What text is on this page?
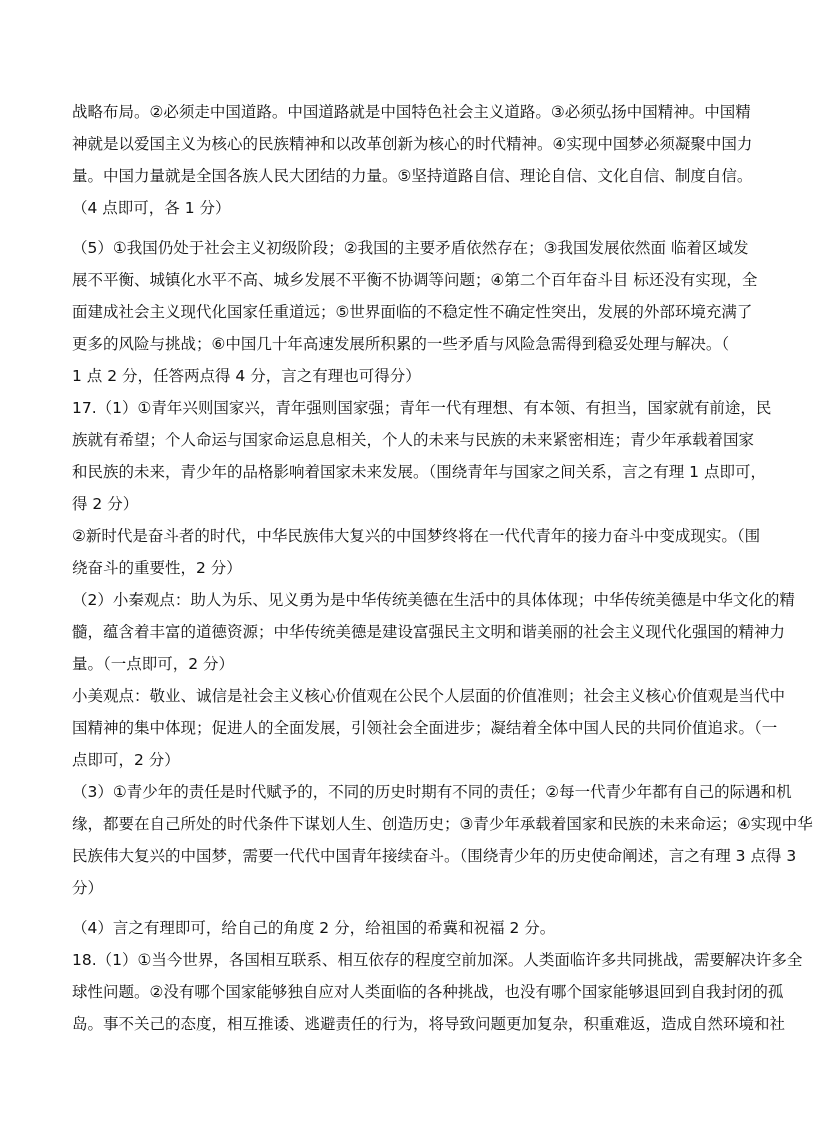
战略布局。②必须走中国道路。中国道路就是中国特色社会主义道路。③必须弘扬中国精神。中国精
神就是以爱国主义为核心的民族精神和以改革创新为核心的时代精神。④实现中国梦必须凝聚中国力
量。中国力量就是全国各族人民大团结的力量。⑤坚持道路自信、理论自信、文化自信、制度自信。
（4 点即可，各 1 分）

（5）①我国仍处于社会主义初级阶段；②我国的主要矛盾依然存在；③我国发展依然面 临着区域发
展不平衡、城镇化水平不高、城乡发展不平衡不协调等问题；④第二个百年奋斗目 标还没有实现，全
面建成社会主义现代化国家任重道远；⑤世界面临的不稳定性不确定性突出，发展的外部环境充满了
更多的风险与挑战；⑥中国几十年高速发展所积累的一些矛盾与风险急需得到稳妥处理与解决。（
1 点 2 分，任答两点得 4 分，言之有理也可得分）

17.（1）①青年兴则国家兴，青年强则国家强；青年一代有理想、有本领、有担当，国家就有前途，民
族就有希望；个人命运与国家命运息息相关，个人的未来与民族的未来紧密相连；青少年承载着国家
和民族的未来，青少年的品格影响着国家未来发展。（围绕青年与国家之间关系，言之有理 1 点即可，
得 2 分）

②新时代是奋斗者的时代，中华民族伟大复兴的中国梦终将在一代代青年的接力奋斗中变成现实。（围
绕奋斗的重要性，2 分）

（2）小秦观点：助人为乐、见义勇为是中华传统美德在生活中的具体体现；中华传统美德是中华文化的精
髓，蕴含着丰富的道德资源；中华传统美德是建设富强民主文明和谐美丽的社会主义现代化强国的精神力
量。（一点即可，2 分）

小美观点：敬业、诚信是社会主义核心价值观在公民个人层面的价值准则；社会主义核心价值观是当代中
国精神的集中体现；促进人的全面发展，引领社会全面进步；凝结着全体中国人民的共同价值追求。（一
点即可，2 分）

（3）①青少年的责任是时代赋予的，不同的历史时期有不同的责任；②每一代青少年都有自己的际遇和机
缘，都要在自己所处的时代条件下谋划人生、创造历史；③青少年承载着国家和民族的未来命运；④实现中华
民族伟大复兴的中国梦，需要一代代中国青年接续奋斗。（围绕青少年的历史使命阐述，言之有理 3 点得 3
分）

（4）言之有理即可，给自己的角度 2 分，给祖国的希冀和祝福 2 分。

18.（1）①当今世界，各国相互联系、相互依存的程度空前加深。人类面临许多共同挑战，需要解决许多全
球性问题。②没有哪个国家能够独自应对人类面临的各种挑战，也没有哪个国家能够退回到自我封闭的孤
岛。事不关己的态度，相互推诿、逃避责任的行为，将导致问题更加复杂，积重难返，造成自然环境和社
